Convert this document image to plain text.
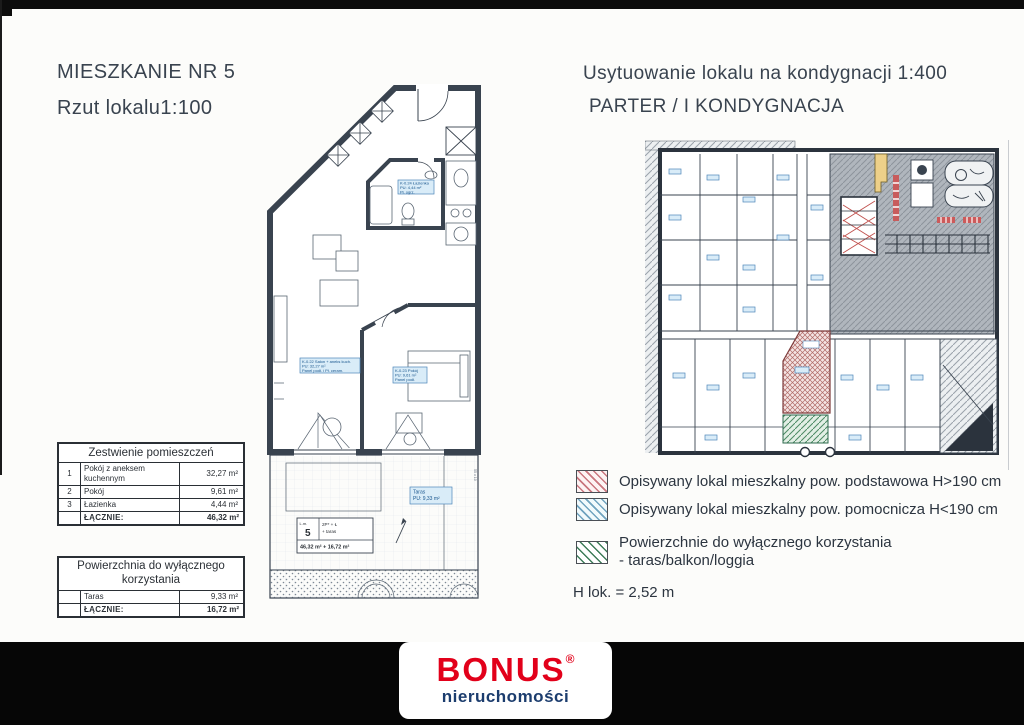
MIESZKANIE NR 5
Rzut lokalu1:100
Usytuowanie lokalu na kondygnacji 1:400
PARTER / I KONDYGNACJA
K-0.24 Łazienka
PU: 4,44 m²
Pł. ogrz.
K-0.22 Salon + aneks kuch.
PU: 32,27 m²
Panel podł. i Pł. ceram.	K-0.23 Pokój
PU: 9,61 m²
Panel podł.
Taras
PU: 9,33 m²
L.m.
5
2P* + Ł
+ taras
46,32 m² + 16,72 m²
55 x 10
Zestwienie pomieszczeń		
1	Pokój z aneksem kuchennym	32,27 m²
2	Pokój	9,61 m²
3	Łazienka	4,44 m²
	ŁĄCZNIE:	46,32 m²
Powierzchnia do wyłącznego
korzystania		

	Taras	9,33 m²
	ŁĄCZNIE:	16,72 m²
Opisywany lokal mieszkalny pow. podstawowa H>190 cm
Opisywany lokal mieszkalny pow. pomocnicza H<190 cm
Powierzchnie do wyłącznego korzystania
- taras/balkon/loggia
H lok. = 2,52 m
BONUS®
nieruchomości
